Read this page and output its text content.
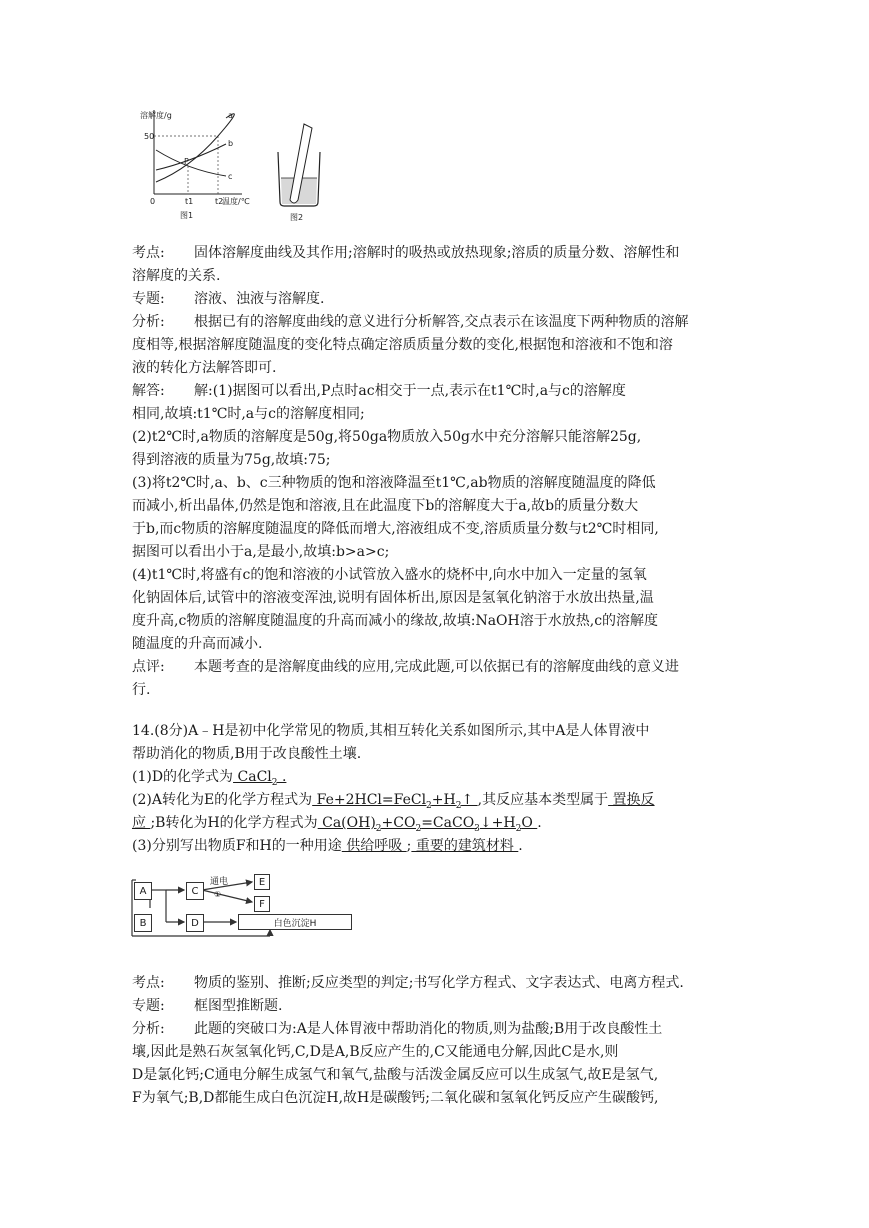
溶解度/g
50
0	t1	t2
温度/℃
a
b
c
P
图1	图2
考点: 固体溶解度曲线及其作用;溶解时的吸热或放热现象;溶质的质量分数、溶解性和
溶解度的关系.
专题: 溶液、浊液与溶解度.
分析: 根据已有的溶解度曲线的意义进行分析解答,交点表示在该温度下两种物质的溶解
度相等,根据溶解度随温度的变化特点确定溶质质量分数的变化,根据饱和溶液和不饱和溶
液的转化方法解答即可.
解答: 解:(1)据图可以看出,P点时ac相交于一点,表示在t1℃时,a与c的溶解度
相同,故填:t1℃时,a与c的溶解度相同;
(2)t2℃时,a物质的溶解度是50g,将50ga物质放入50g水中充分溶解只能溶解25g,
得到溶液的质量为75g,故填:75;
(3)将t2℃时,a、b、c三种物质的饱和溶液降温至t1℃,ab物质的溶解度随温度的降低
而减小,析出晶体,仍然是饱和溶液,且在此温度下b的溶解度大于a,故b的质量分数大
于b,而c物质的溶解度随温度的降低而增大,溶液组成不变,溶质质量分数与t2℃时相同,
据图可以看出小于a,是最小,故填:b>a>c;
(4)t1℃时,将盛有c的饱和溶液的小试管放入盛水的烧杯中,向水中加入一定量的氢氧
化钠固体后,试管中的溶液变浑浊,说明有固体析出,原因是氢氧化钠溶于水放出热量,温
度升高,c物质的溶解度随温度的升高而减小的缘故,故填:NaOH溶于水放热,c的溶解度
随温度的升高而减小.
点评: 本题考查的是溶解度曲线的应用,完成此题,可以依据已有的溶解度曲线的意义进
行.
14.(8分)A﹣H是初中化学常见的物质,其相互转化关系如图所示,其中A是人体胃液中
帮助消化的物质,B用于改良酸性土壤.
(1)D的化学式为 CaCl$_2$ .
(2)A转化为E的化学方程式为 $Fe+2HCl=FeCl_2+H_2↑$ ,其反应基本类型属于 置换反
应 ;B转化为H的化学方程式为 $Ca(OH)_2+CO_2=CaCO_3↓+H_2O$ .
(3)分别写出物质F和H的一种用途 供给呼吸 ; 重要的建筑材料 .
A
B
C
D
E
F
白色沉淀H
通电
①
考点: 物质的鉴别、推断;反应类型的判定;书写化学方程式、文字表达式、电离方程式.
专题: 框图型推断题.
分析: 此题的突破口为:A是人体胃液中帮助消化的物质,则为盐酸;B用于改良酸性土
壤,因此是熟石灰氢氧化钙,C,D是A,B反应产生的,C又能通电分解,因此C是水,则
D是氯化钙;C通电分解生成氢气和氧气,盐酸与活泼金属反应可以生成氢气,故E是氢气,
F为氧气;B,D都能生成白色沉淀H,故H是碳酸钙;二氧化碳和氢氧化钙反应产生碳酸钙,
